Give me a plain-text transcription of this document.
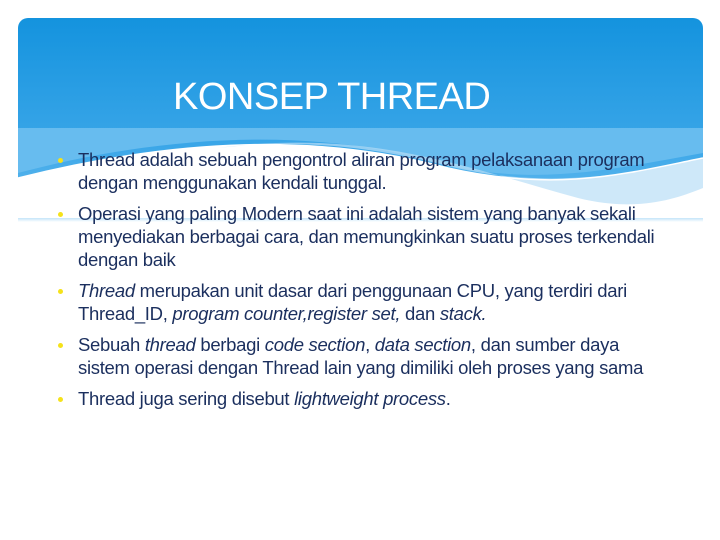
KONSEP THREAD
Thread adalah sebuah pengontrol aliran program pelaksanaan program dengan menggunakan kendali tunggal.
Operasi yang paling Modern saat ini adalah sistem yang banyak sekali menyediakan berbagai cara, dan memungkinkan suatu proses terkendali dengan baik
Thread merupakan unit dasar dari penggunaan CPU, yang terdiri dari Thread_ID, program counter,register set, dan stack.
Sebuah thread berbagi code section, data section, dan sumber daya sistem operasi dengan Thread lain yang dimiliki oleh proses yang sama
Thread juga sering disebut lightweight process.
